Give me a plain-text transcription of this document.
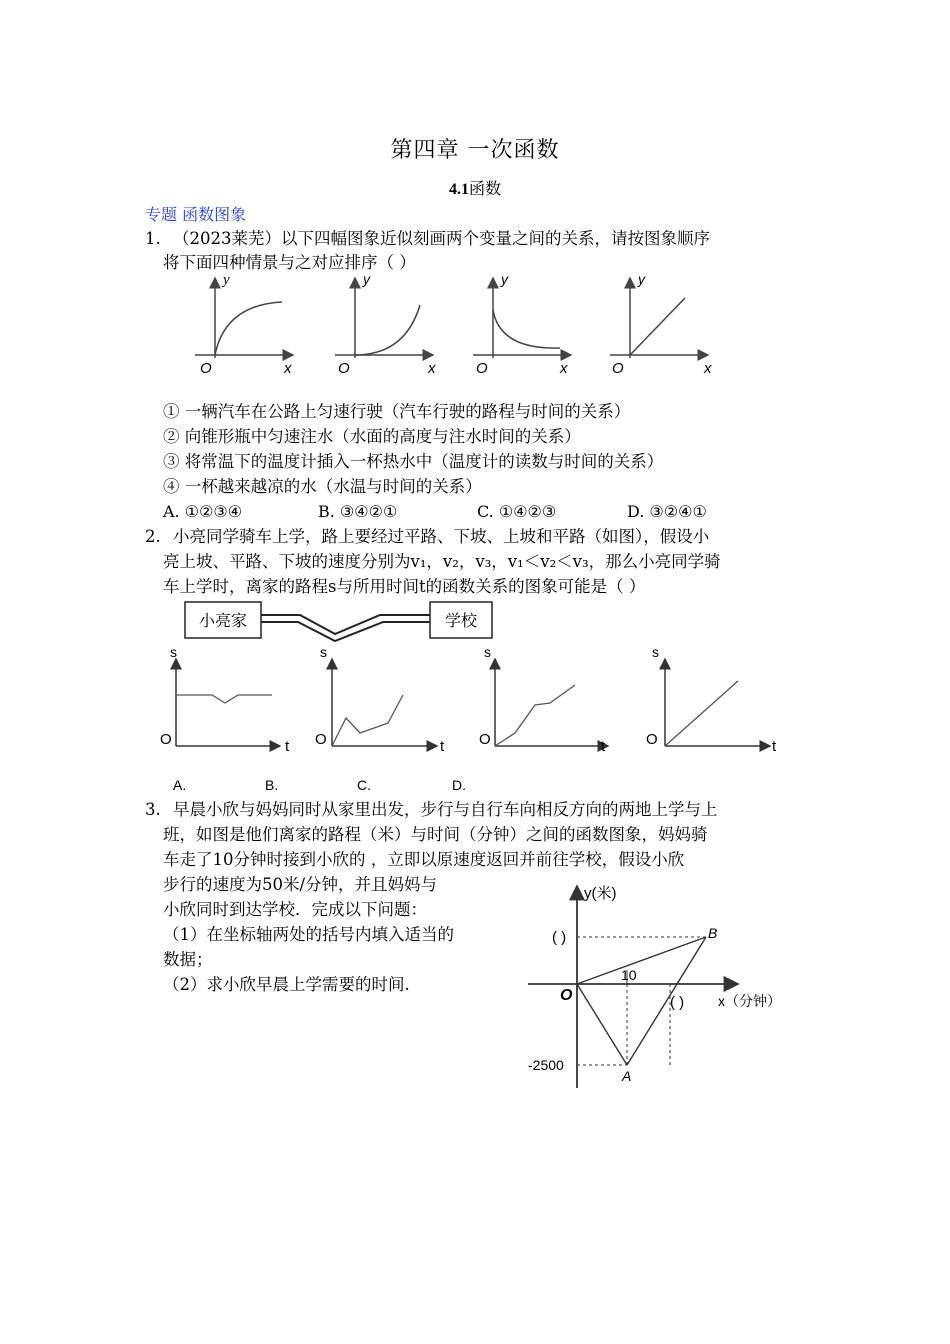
第四章 一次函数
4.1函数
专题 函数图象
1. （2023莱芜）以下四幅图象近似刻画两个变量之间的关系，请按图象顺序
将下面四种情景与之对应排序（ ）
y
O	x
y
O	x
y
O	x
y
O	x
① 一辆汽车在公路上匀速行驶（汽车行驶的路程与时间的关系）
② 向锥形瓶中匀速注水（水面的高度与注水时间的关系）
③ 将常温下的温度计插入一杯热水中（温度计的读数与时间的关系）
④ 一杯越来越凉的水（水温与时间的关系）
A. ①②③④	B. ③④②①	C. ①④②③	D. ③②④①
2. 小亮同学骑车上学，路上要经过平路、下坡、上坡和平路（如图），假设小
亮上坡、平路、下坡的速度分别为v₁，v₂，v₃，v₁＜v₂＜v₃，那么小亮同学骑
车上学时，离家的路程s与所用时间t的函数关系的图象可能是（ ）
小亮家	学校
s
O	t
s
O	t
s
O	t
s
O	t
A.	B.	C.	D.
3. 早晨小欣与妈妈同时从家里出发，步行与自行车向相反方向的两地上学与上
班，如图是他们离家的路程（米）与时间（分钟）之间的函数图象，妈妈骑
车走了10分钟时接到小欣的 ，立即以原速度返回并前往学校，假设小欣
步行的速度为50米/分钟，并且妈妈与
小欣同时到达学校．完成以下问题：
（1）在坐标轴两处的括号内填入适当的
数据；
（2）求小欣早晨上学需要的时间.
y(米)
x（分钟）
O
10
-2500
( )
( )
A
B
